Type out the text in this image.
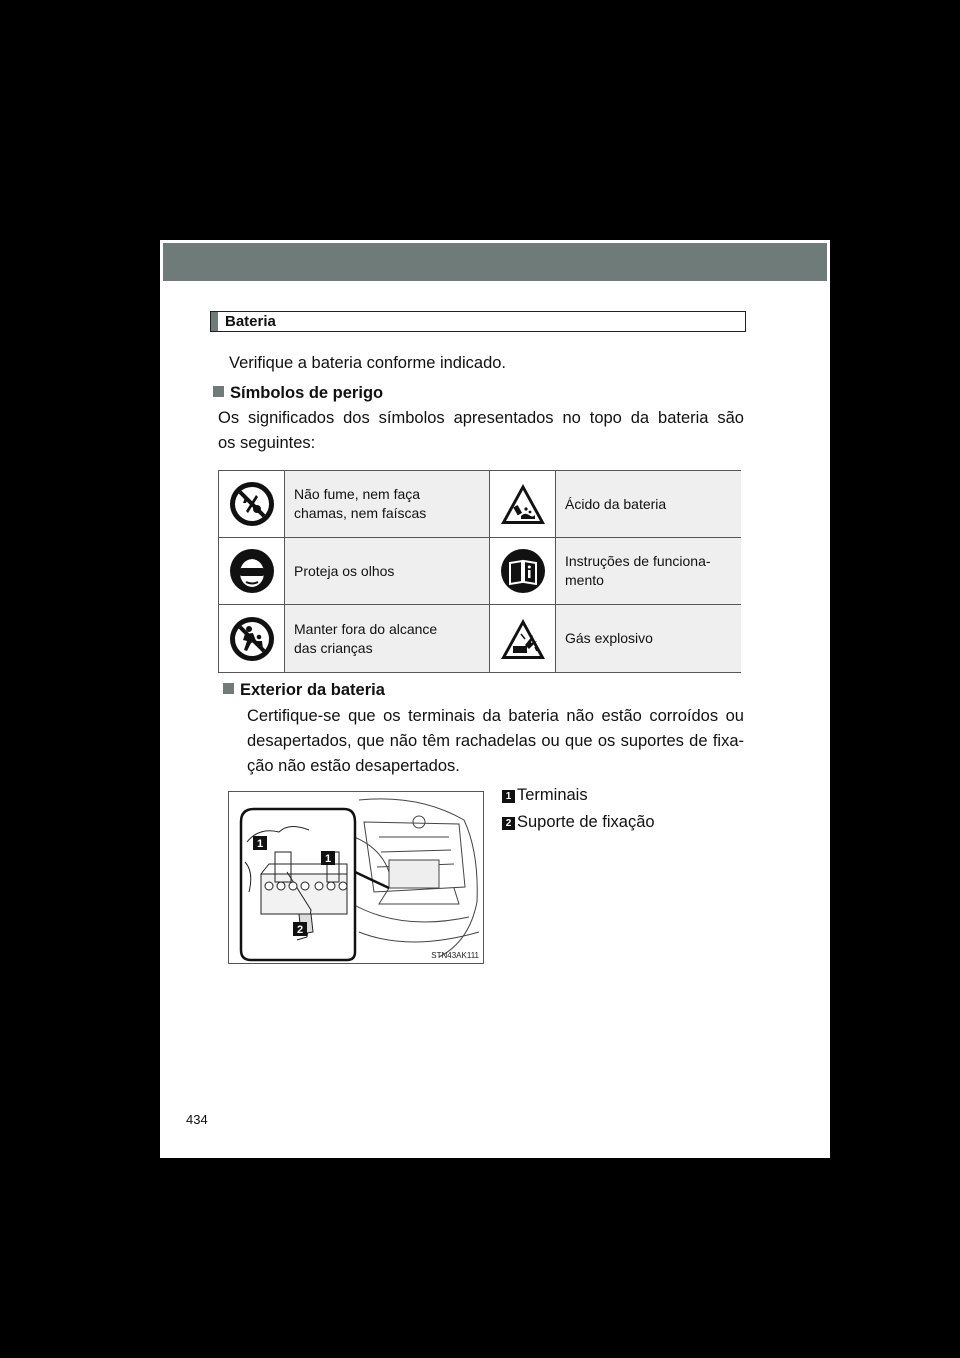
Bateria
Verifique a bateria conforme indicado.
Símbolos de perigo
Os significados dos símbolos apresentados no topo da bateria são
os seguintes:
Não fume, nem faça
chamas, nem faíscas
Ácido da bateria
Proteja os olhos
Instruções de funciona-
mento
Manter fora do alcance
das crianças
Gás explosivo
Exterior da bateria
Certifique-se que os terminais da bateria não estão corroídos ou
desapertados, que não têm rachadelas ou que os suportes de fixa-
ção não estão desapertados.
1
1
2
STN43AK111
1 Terminais
2 Suporte de fixação
434
